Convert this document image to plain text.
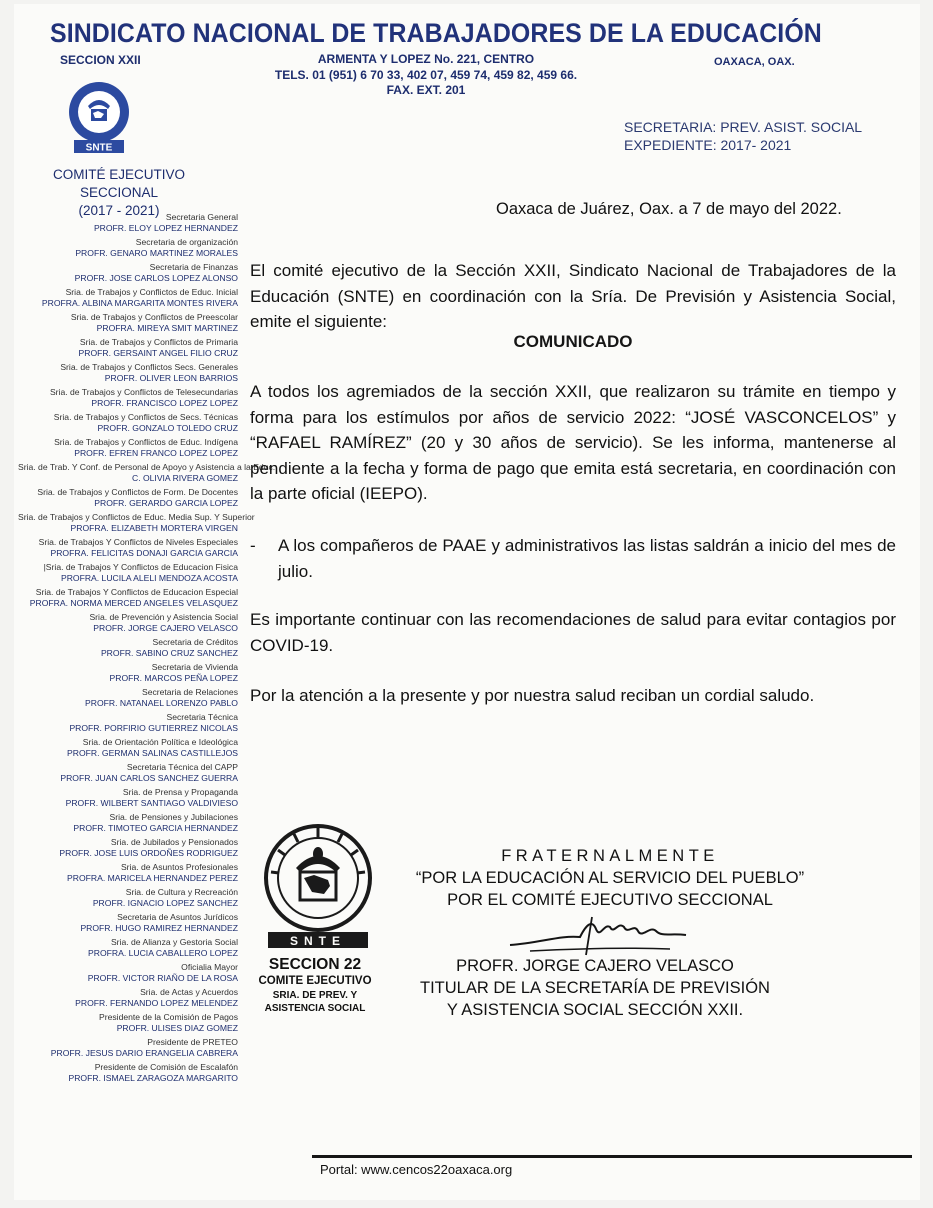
SINDICATO NACIONAL DE TRABAJADORES DE LA EDUCACIÓN
SECCION XXII	ARMENTA Y LOPEZ No. 221, CENTRO
TELS. 01 (951) 6 70 33, 402 07, 459 74, 459 82, 459 66.
FAX. EXT. 201
OAXACA, OAX.
SNTE
COMITÉ EJECUTIVO SECCIONAL
(2017 - 2021)
SECRETARIA: PREV. ASIST. SOCIAL
EXPEDIENTE: 2017- 2021
Secretaria General
PROFR. ELOY LOPEZ HERNANDEZ
Secretaria de organización
PROFR. GENARO MARTINEZ MORALES
Secretaria de Finanzas
PROFR. JOSE CARLOS LOPEZ ALONSO
Sria. de Trabajos y Conflictos de Educ. Inicial
PROFRA. ALBINA MARGARITA MONTES RIVERA
Sria. de Trabajos y Conflictos de Preescolar
PROFRA. MIREYA SMIT MARTINEZ
Sria. de Trabajos y Conflictos de Primaria
PROFR. GERSAINT ANGEL FILIO CRUZ
Sria. de Trabajos y Conflictos Secs. Generales
PROFR. OLIVER LEON BARRIOS
Sria. de Trabajos y Conflictos de Telesecundarias
PROFR. FRANCISCO LOPEZ LOPEZ
Sria. de Trabajos y Conflictos de Secs. Técnicas
PROFR. GONZALO TOLEDO CRUZ
Sria. de Trabajos y Conflictos de Educ. Indígena
PROFR. EFREN FRANCO LOPEZ LOPEZ
Sria. de Trab. Y Conf. de Personal de Apoyo y Asistencia a la Educ.
C. OLIVIA RIVERA GOMEZ
Sria. de Trabajos y Conflictos de Form. De Docentes
PROFR. GERARDO GARCIA LOPEZ
Sria. de Trabajos y Conflictos de Educ. Media Sup. Y Superior
PROFRA. ELIZABETH MORTERA VIRGEN
Sria. de Trabajos Y Conflictos de Niveles Especiales
PROFRA. FELICITAS DONAJI GARCIA GARCIA
|Sria. de Trabajos Y Conflictos de Educacion Fisica
PROFRA. LUCILA ALELI MENDOZA ACOSTA
Sria. de Trabajos Y Conflictos de Educacion Especial
PROFRA. NORMA MERCED ANGELES VELASQUEZ
Sria. de Prevención y Asistencia Social
PROFR. JORGE CAJERO VELASCO
Secretaria de Créditos
PROFR. SABINO CRUZ SANCHEZ
Secretaria de Vivienda
PROFR. MARCOS PEÑA LOPEZ
Secretaria de Relaciones
PROFR. NATANAEL LORENZO PABLO
Secretaria Técnica
PROFR. PORFIRIO GUTIERREZ NICOLAS
Sria. de Orientación Política e Ideológica
PROFR. GERMAN SALINAS CASTILLEJOS
Secretaria Técnica del CAPP
PROFR. JUAN CARLOS SANCHEZ GUERRA
Sria. de Prensa y Propaganda
PROFR. WILBERT SANTIAGO VALDIVIESO
Sria. de Pensiones y Jubilaciones
PROFR. TIMOTEO GARCIA HERNANDEZ
Sria. de Jubilados y Pensionados
PROFR. JOSE LUIS ORDOÑES RODRIGUEZ
Sria. de Asuntos Profesionales
PROFRA. MARICELA HERNANDEZ PEREZ
Sria. de Cultura y Recreación
PROFR. IGNACIO LOPEZ SANCHEZ
Secretaria de Asuntos Jurídicos
PROFR. HUGO RAMIREZ HERNANDEZ
Sria. de Alianza y Gestoria Social
PROFRA. LUCIA CABALLERO LOPEZ
Oficialia Mayor
PROFR. VICTOR RIAÑO DE LA ROSA
Sria. de Actas y Acuerdos
PROFR. FERNANDO LOPEZ MELENDEZ
Presidente de la Comisión de Pagos
PROFR. ULISES DIAZ GOMEZ
Presidente de PRETEO
PROFR. JESUS DARIO ERANGELIA CABRERA
Presidente de Comisión de Escalafón
PROFR. ISMAEL ZARAGOZA MARGARITO
Oaxaca de Juárez, Oax. a 7 de mayo del 2022.
El comité ejecutivo de la Sección XXII, Sindicato Nacional de Trabajadores de la Educación (SNTE) en coordinación con la Sría. De Previsión y Asistencia Social, emite el siguiente:
COMUNICADO
A todos los agremiados de la sección XXII, que realizaron su trámite en tiempo y forma para los estímulos por años de servicio 2022: “JOSÉ VASCONCELOS” y “RAFAEL RAMÍREZ” (20 y 30 años de servicio). Se les informa, mantenerse al pendiente a la fecha y forma de pago que emita está secretaria, en coordinación con la parte oficial (IEEPO).
- A los compañeros de PAAE y administrativos las listas saldrán a inicio del mes de julio.
Es importante continuar con las recomendaciones de salud para evitar contagios por COVID-19.
Por la atención a la presente y por nuestra salud reciban un cordial saludo.
SNTE
SECCION 22
COMITE EJECUTIVO
SRIA. DE PREV. Y
ASISTENCIA SOCIAL
FRATERNALMENTE
“POR LA EDUCACIÓN AL SERVICIO DEL PUEBLO”
POR EL COMITÉ EJECUTIVO SECCIONAL
PROFR. JORGE CAJERO VELASCO
TITULAR DE LA SECRETARÍA DE PREVISIÓN
Y ASISTENCIA SOCIAL SECCIÓN XXII.
Portal: www.cencos22oaxaca.org
